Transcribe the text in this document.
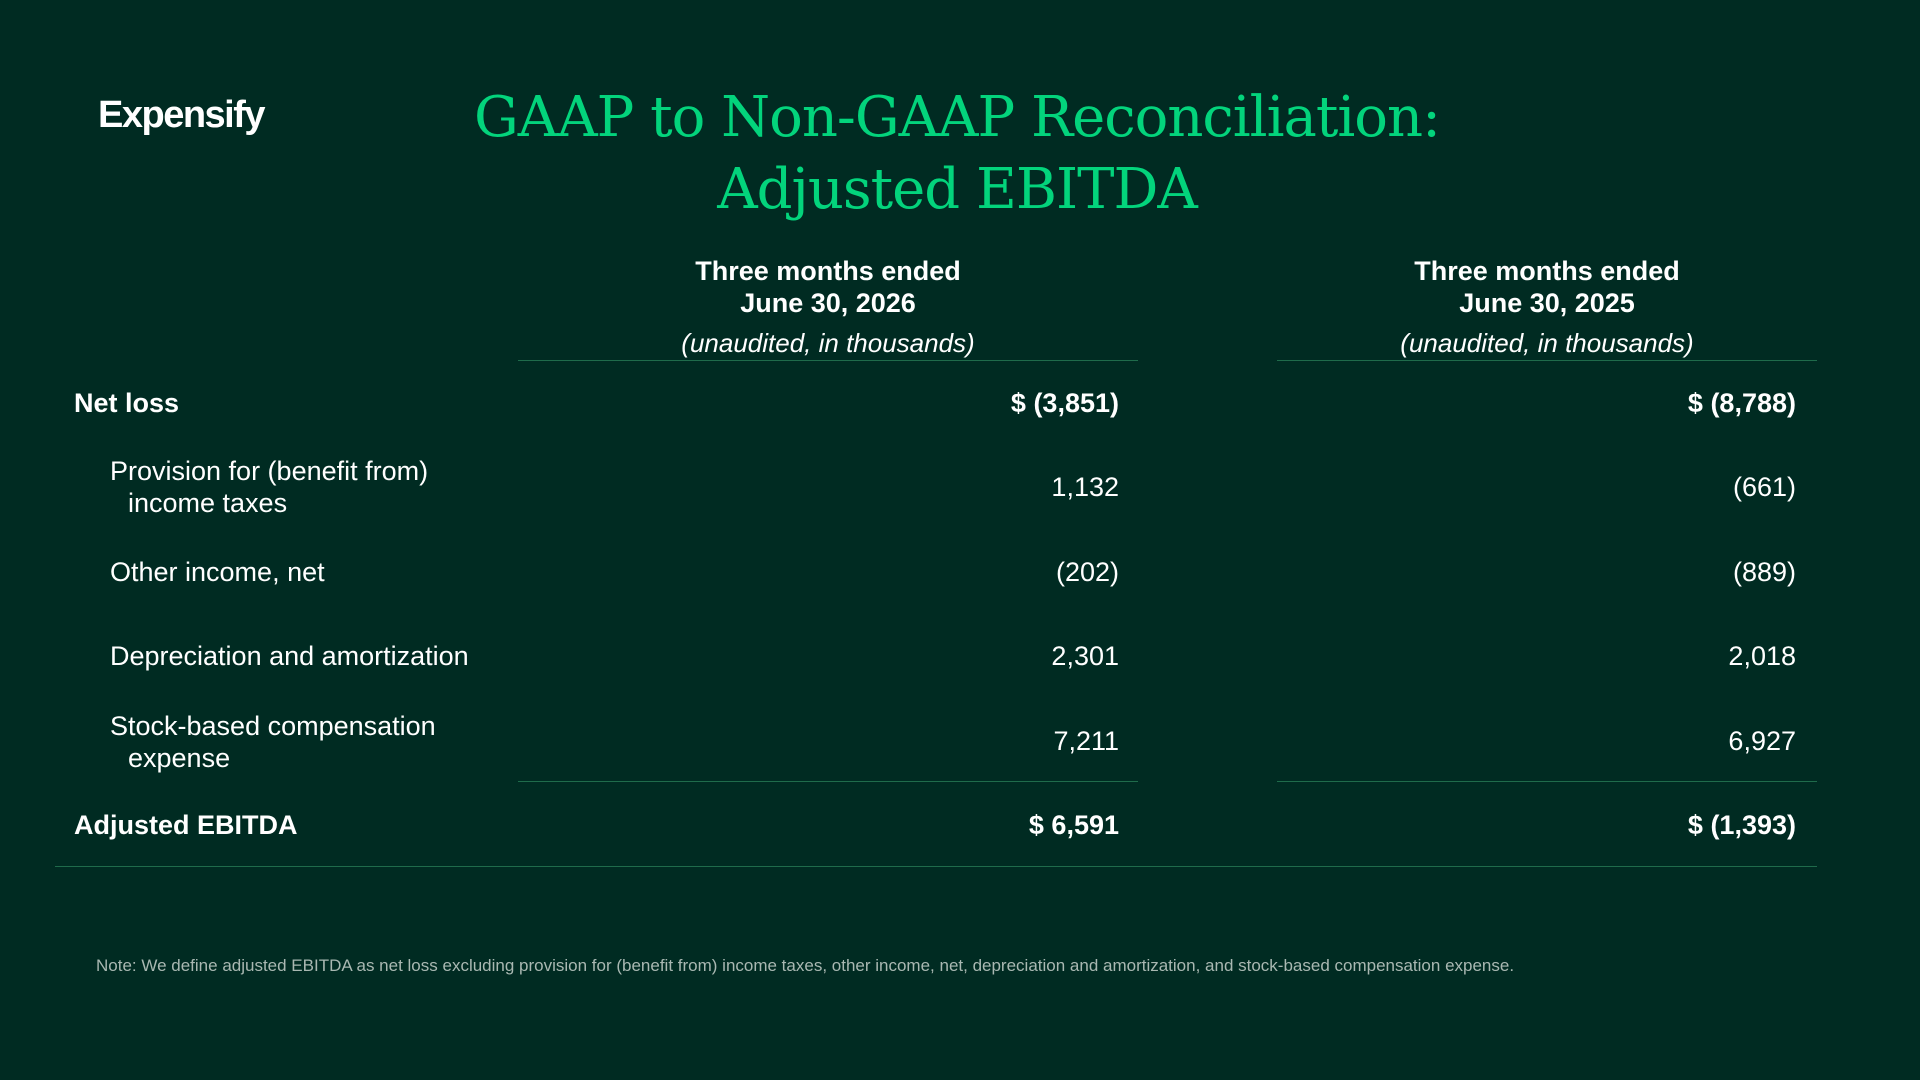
Expensify	GAAP to Non-GAAP Reconciliation:
Adjusted EBITDA
Three months ended
June 30, 2026
(unaudited, in thousands)
Three months ended
June 30, 2025
(unaudited, in thousands)
Net loss	$ (3,851)	$ (8,788)
Provision for (benefit from)
income taxes
1,132	(661)
Other income, net	(202)	(889)
Depreciation and amortization	2,301	2,018
Stock-based compensation
expense
7,211	6,927
Adjusted EBITDA	$ 6,591	$ (1,393)
Note: We define adjusted EBITDA as net loss excluding provision for (benefit from) income taxes, other income, net, depreciation and amortization, and stock-based compensation expense.
